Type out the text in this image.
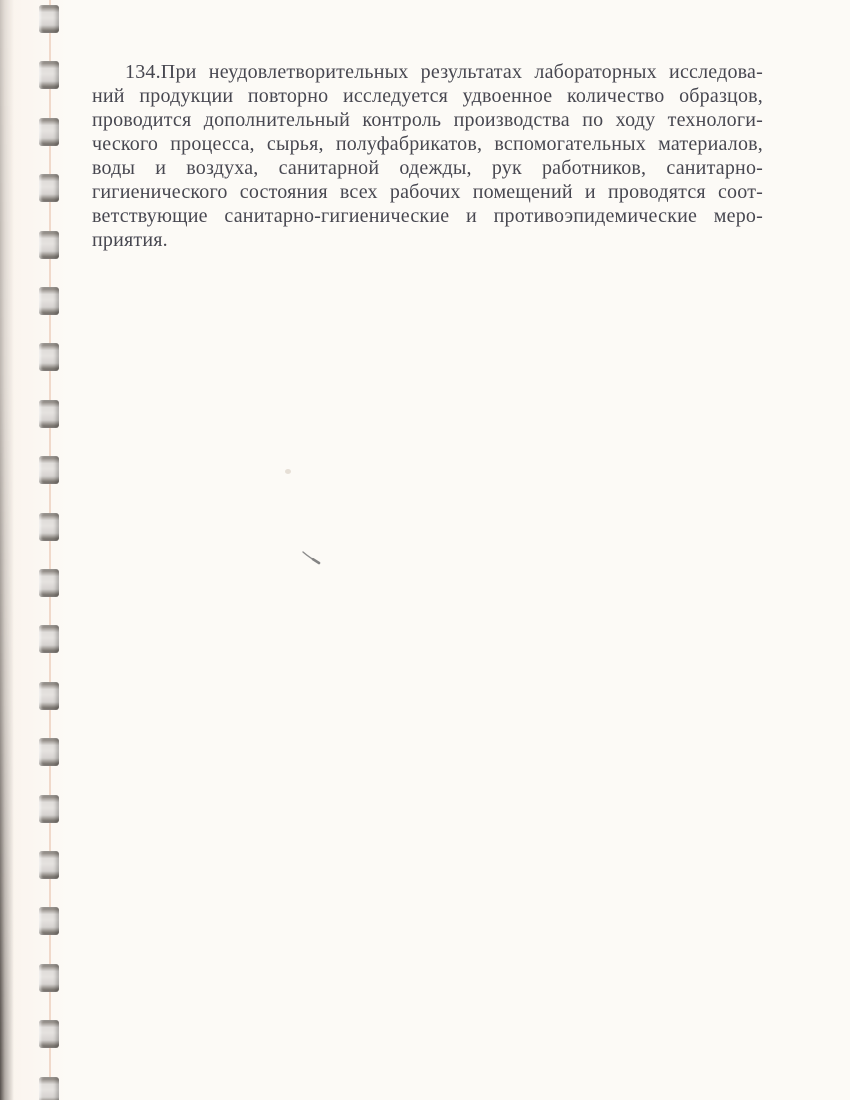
134.При неудовлетворительных результатах лабораторных исследова-
ний продукции повторно исследуется удвоенное количество образцов,
проводится дополнительный контроль производства по ходу технологи-
ческого процесса, сырья, полуфабрикатов, вспомогательных материалов,
воды и воздуха, санитарной одежды, рук работников, санитарно-
гигиенического состояния всех рабочих помещений и проводятся соот-
ветствующие санитарно-гигиенические и противоэпидемические меро-
приятия.
